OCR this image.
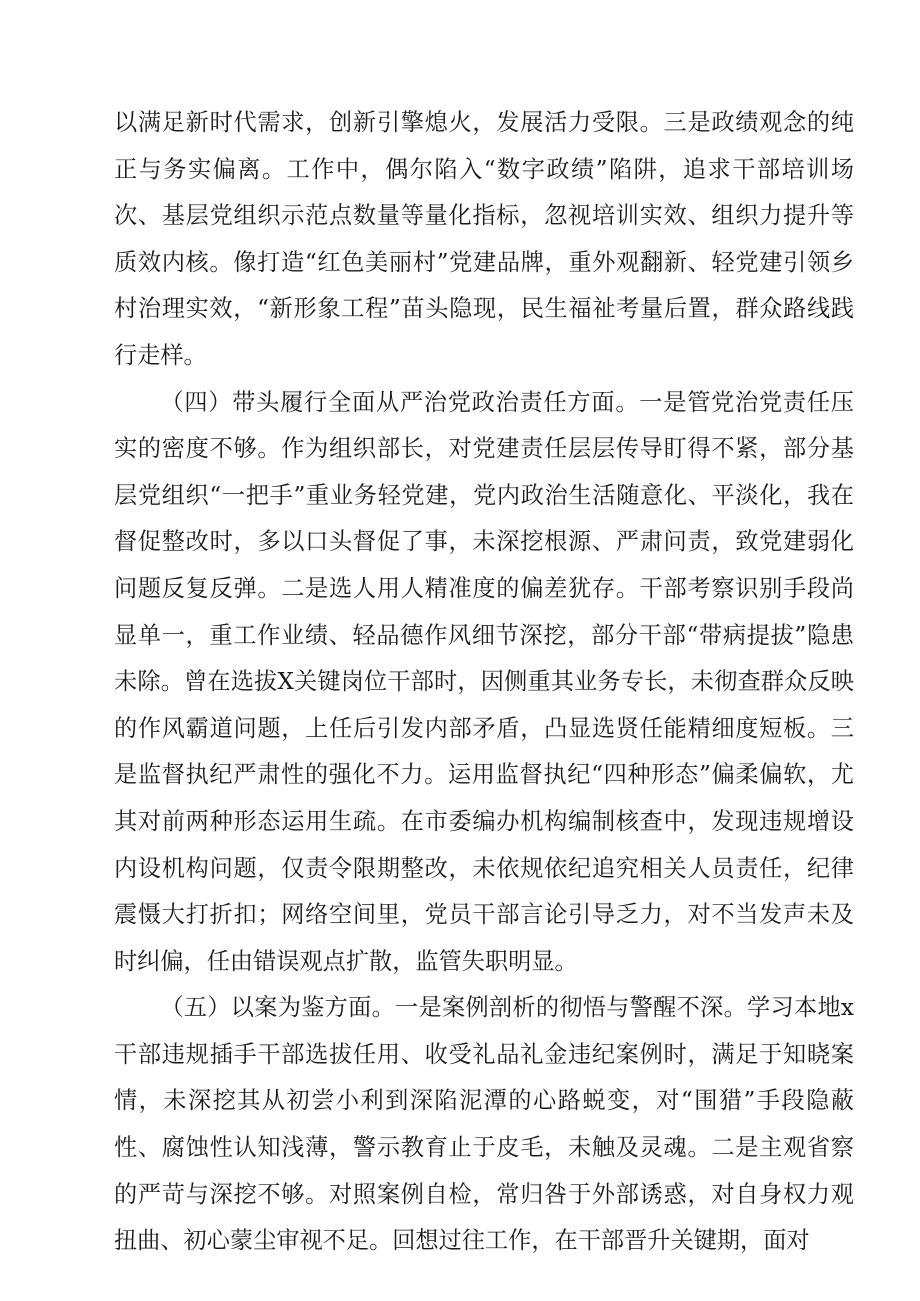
以满足新时代需求，创新引擎熄火，发展活力受限。三是政绩观念的纯正与务实偏离。工作中，偶尔陷入“数字政绩”陷阱，追求干部培训场次、基层党组织示范点数量等量化指标，忽视培训实效、组织力提升等质效内核。像打造“红色美丽村”党建品牌，重外观翻新、轻党建引领乡村治理实效，“新形象工程”苗头隐现，民生福祉考量后置，群众路线践行走样。

（四）带头履行全面从严治党政治责任方面。一是管党治党责任压实的密度不够。作为组织部长，对党建责任层层传导盯得不紧，部分基层党组织“一把手”重业务轻党建，党内政治生活随意化、平淡化，我在督促整改时，多以口头督促了事，未深挖根源、严肃问责，致党建弱化问题反复反弹。二是选人用人精准度的偏差犹存。干部考察识别手段尚显单一，重工作业绩、轻品德作风细节深挖，部分干部“带病提拔”隐患未除。曾在选拔X关键岗位干部时，因侧重其业务专长，未彻查群众反映的作风霸道问题，上任后引发内部矛盾，凸显选贤任能精细度短板。三是监督执纪严肃性的强化不力。运用监督执纪“四种形态”偏柔偏软，尤其对前两种形态运用生疏。在市委编办机构编制核查中，发现违规增设内设机构问题，仅责令限期整改，未依规依纪追究相关人员责任，纪律震慑大打折扣；网络空间里，党员干部言论引导乏力，对不当发声未及时纠偏，任由错误观点扩散，监管失职明显。

（五）以案为鉴方面。一是案例剖析的彻悟与警醒不深。学习本地x干部违规插手干部选拔任用、收受礼品礼金违纪案例时，满足于知晓案情，未深挖其从初尝小利到深陷泥潭的心路蜕变，对“围猎”手段隐蔽性、腐蚀性认知浅薄，警示教育止于皮毛，未触及灵魂。二是主观省察的严苛与深挖不够。对照案例自检，常归咎于外部诱惑，对自身权力观扭曲、初心蒙尘审视不足。回想过往工作，在干部晋升关键期，面对
